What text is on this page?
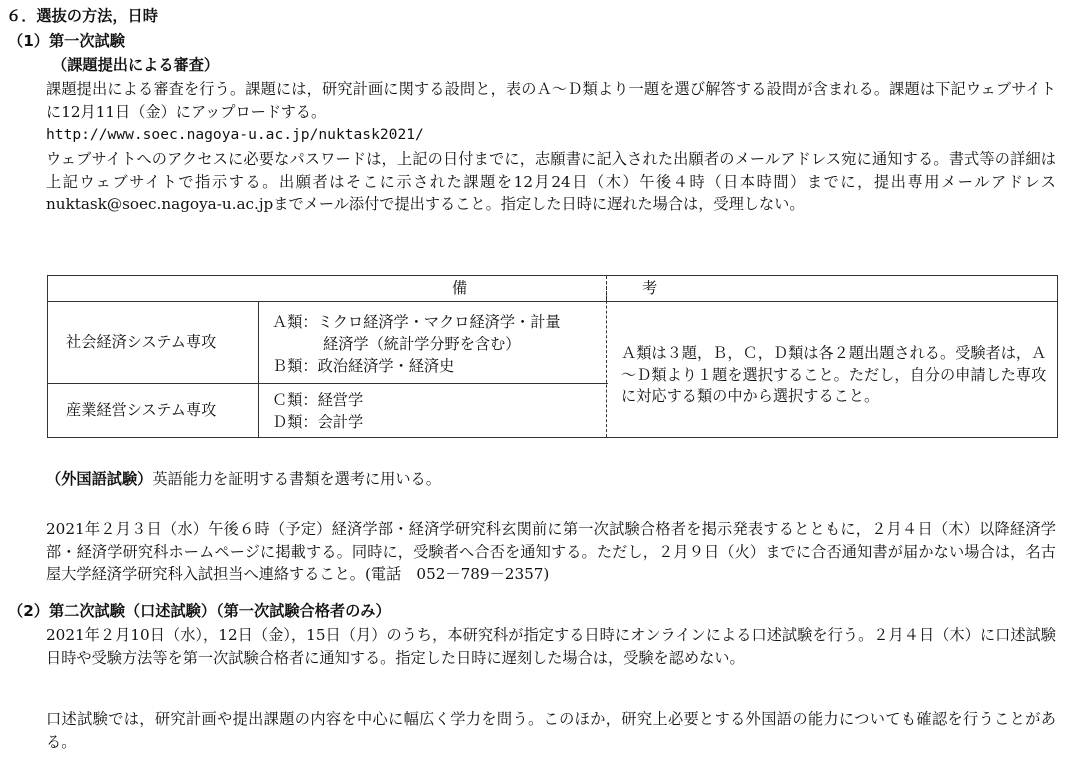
６．選抜の方法，日時
（1）第一次試験
（課題提出による審査）
課題提出による審査を行う。課題には，研究計画に関する設問と，表のＡ～Ｄ類より一題を選び解答する設問が含まれる。課題は下記ウェブサイトに12月11日（金）にアップロードする。
http://www.soec.nagoya-u.ac.jp/nuktask2021/
ウェブサイトへのアクセスに必要なパスワードは，上記の日付までに，志願書に記入された出願者のメールアドレス宛に通知する。書式等の詳細は上記ウェブサイトで指示する。出願者はそこに示された課題を12月24日（木）午後４時（日本時間）までに，提出専用メールアドレスnuktask@soec.nagoya-u.ac.jpまでメール添付で提出すること。指定した日時に遅れた場合は，受理しない。
備	考
社会経済システム専攻
Ａ類：ミクロ経済学・マクロ経済学・計量
経済学（統計学分野を含む）
Ｂ類：政治経済学・経済史
産業経営システム専攻
Ｃ類：経営学
Ｄ類：会計学
Ａ類は３題，Ｂ，Ｃ，Ｄ類は各２題出題される。受験者は，Ａ～Ｄ類より１題を選択すること。ただし，自分の申請した専攻に対応する類の中から選択すること。
（外国語試験）英語能力を証明する書類を選考に用いる。
2021年２月３日（水）午後６時（予定）経済学部・経済学研究科玄関前に第一次試験合格者を掲示発表するとともに，２月４日（木）以降経済学部・経済学研究科ホームページに掲載する。同時に，受験者へ合否を通知する。ただし，２月９日（火）までに合否通知書が届かない場合は，名古屋大学経済学研究科入試担当へ連絡すること。(電話　052－789－2357)
（2）第二次試験（口述試験）（第一次試験合格者のみ）
2021年２月10日（水），12日（金），15日（月）のうち，本研究科が指定する日時にオンラインによる口述試験を行う。２月４日（木）に口述試験日時や受験方法等を第一次試験合格者に通知する。指定した日時に遅刻した場合は，受験を認めない。
口述試験では，研究計画や提出課題の内容を中心に幅広く学力を問う。このほか，研究上必要とする外国語の能力についても確認を行うことがある。
